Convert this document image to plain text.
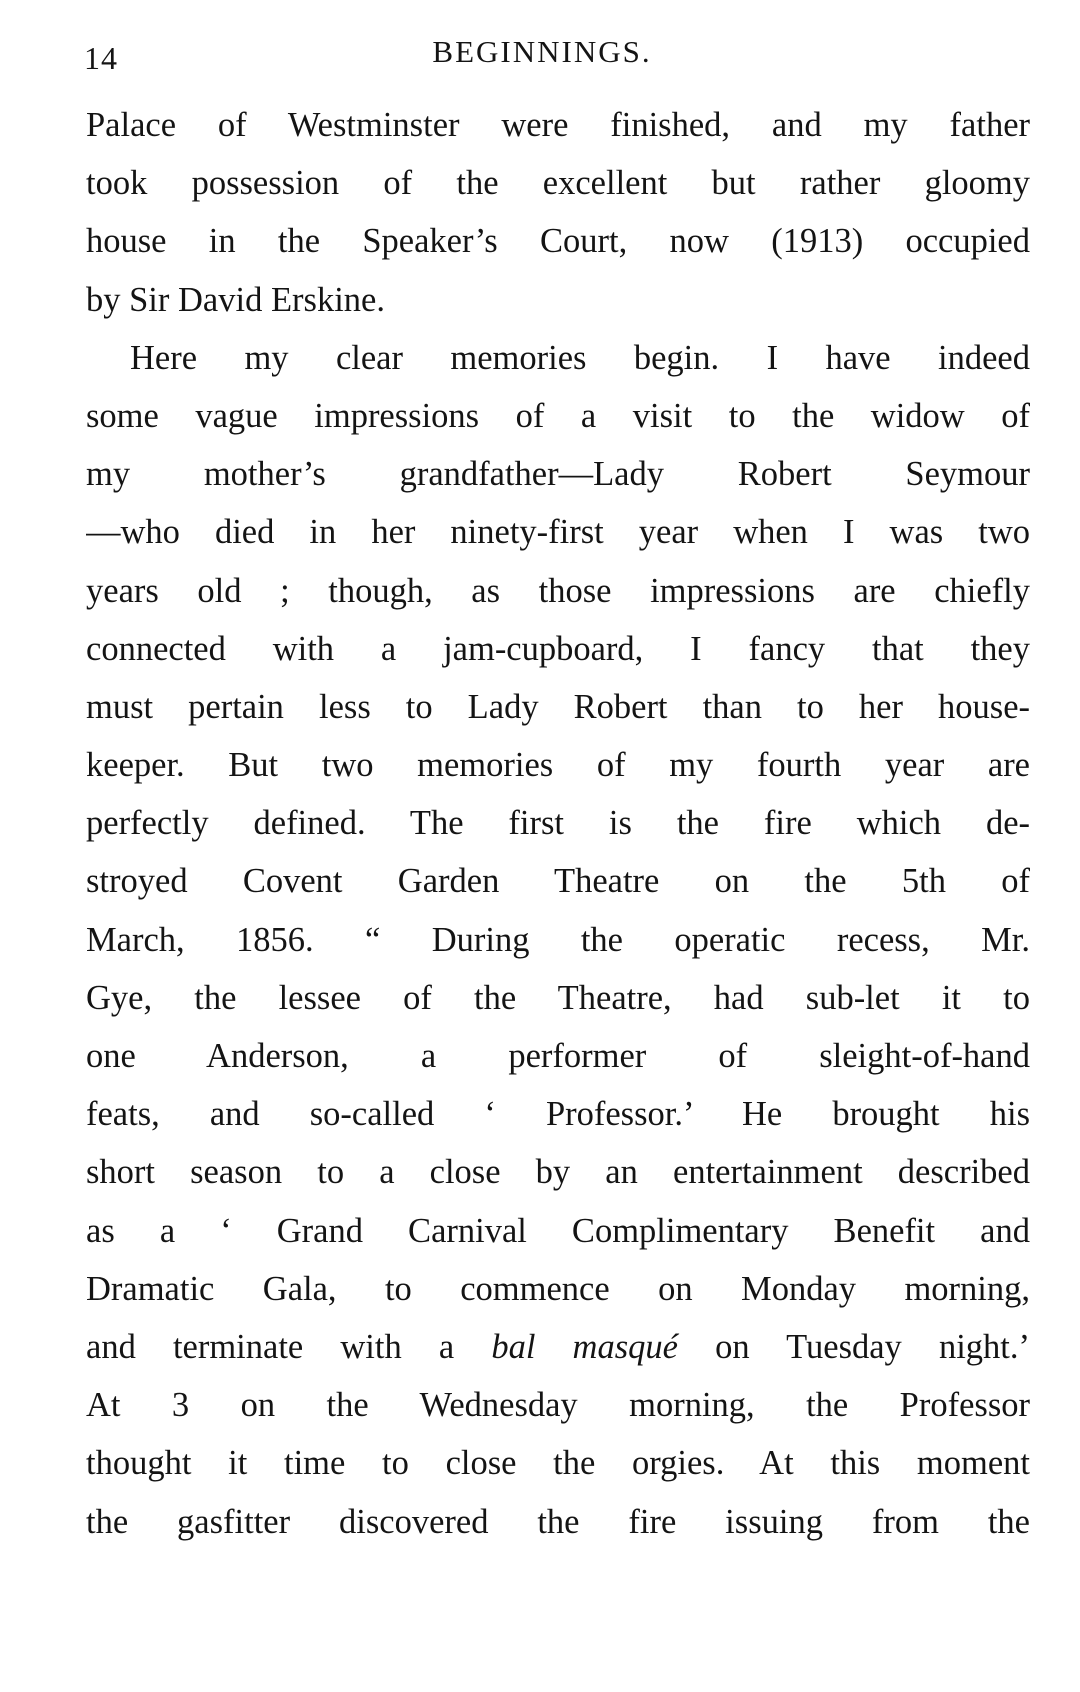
14	BEGINNINGS.
Palace of Westminster were finished, and my father
took possession of the excellent but rather gloomy
house in the Speaker’s Court, now (1913) occupied
by Sir David Erskine.
Here my clear memories begin. I have indeed
some vague impressions of a visit to the widow of
my mother’s grandfather—Lady Robert Seymour
—who died in her ninety-first year when I was two
years old ; though, as those impressions are chiefly
connected with a jam-cupboard, I fancy that they
must pertain less to Lady Robert than to her house-
keeper. But two memories of my fourth year are
perfectly defined. The first is the fire which de-
stroyed Covent Garden Theatre on the 5th of
March, 1856. “ During the operatic recess, Mr.
Gye, the lessee of the Theatre, had sub-let it to
one Anderson, a performer of sleight-of-hand
feats, and so-called ‘ Professor.’ He brought his
short season to a close by an entertainment described
as a ‘ Grand Carnival Complimentary Benefit and
Dramatic Gala, to commence on Monday morning,
and terminate with a bal masqué on Tuesday night.’
At 3 on the Wednesday morning, the Professor
thought it time to close the orgies. At this moment
the gasfitter discovered the fire issuing from the
